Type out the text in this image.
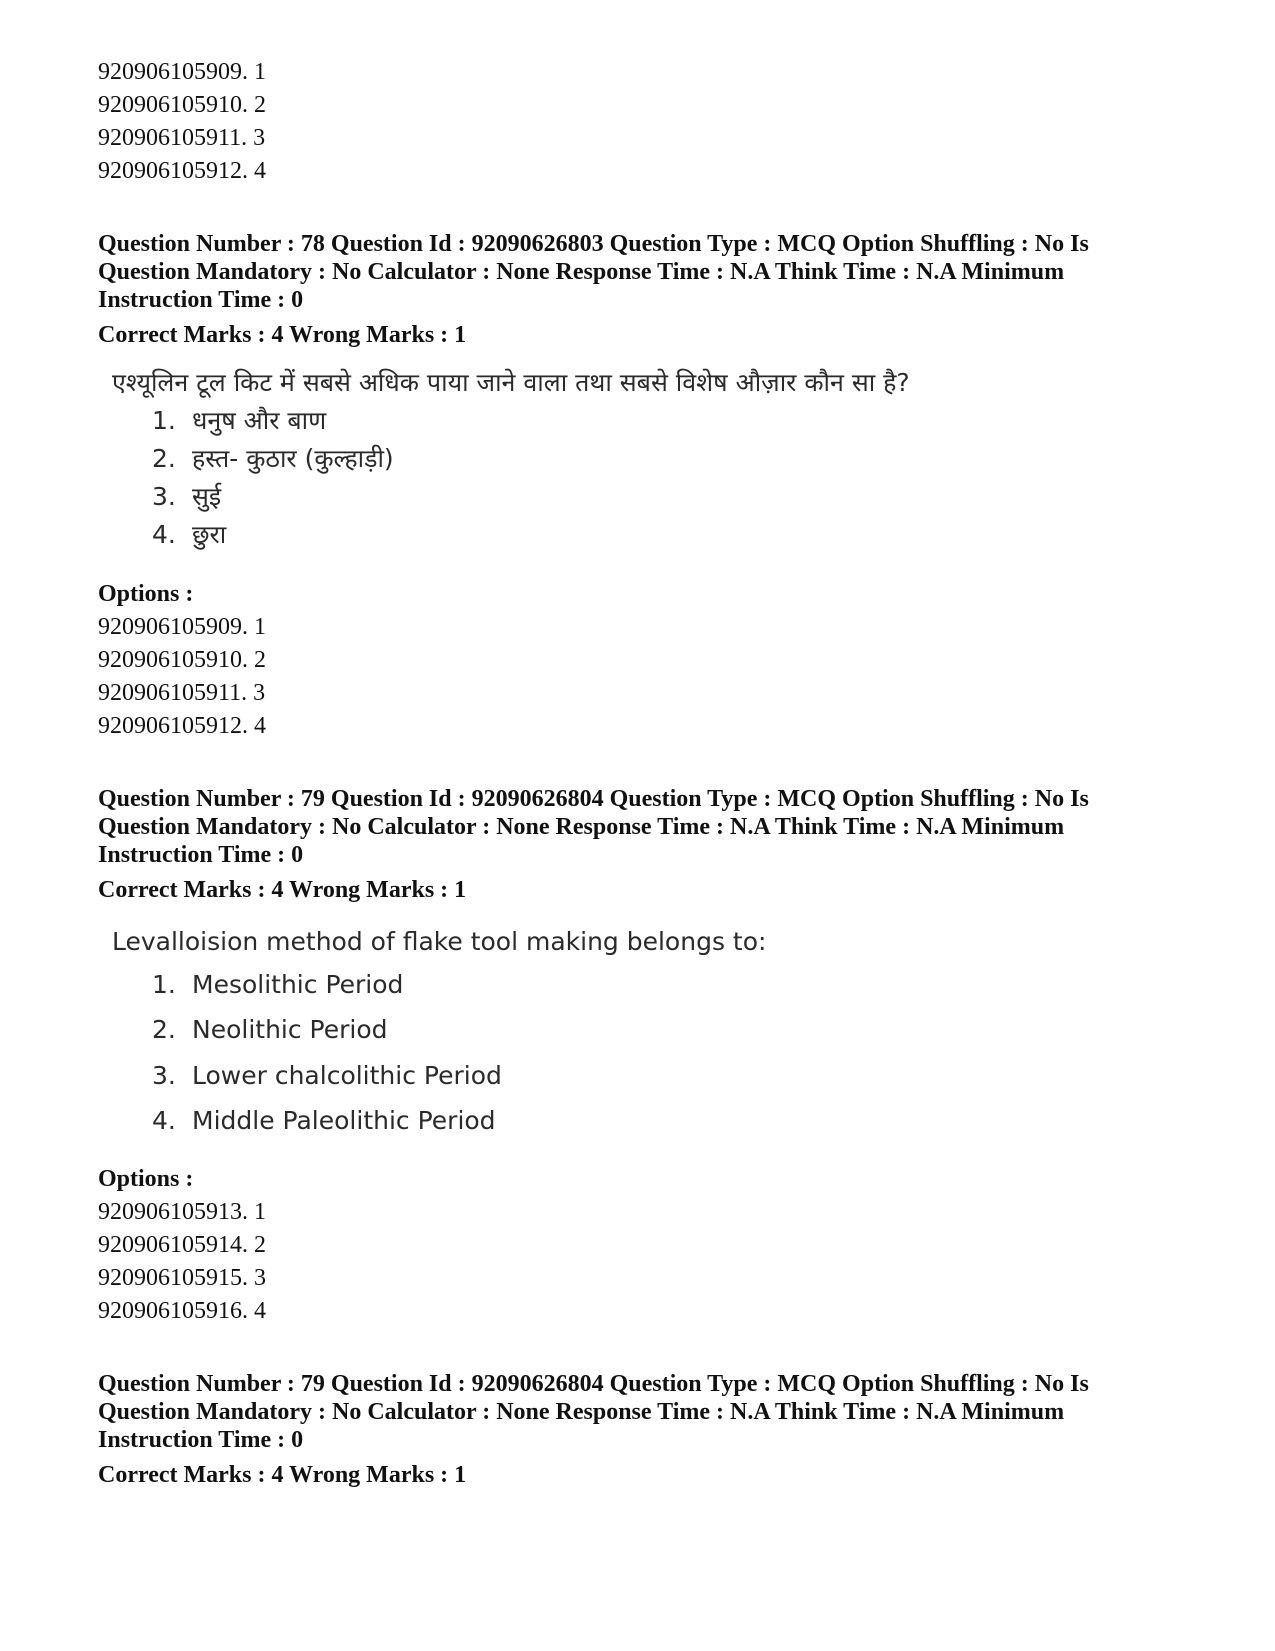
920906105909. 1
920906105910. 2
920906105911. 3
920906105912. 4
Question Number : 78 Question Id : 92090626803 Question Type : MCQ Option Shuffling : No Is
Question Mandatory : No Calculator : None Response Time : N.A Think Time : N.A Minimum
Instruction Time : 0
Correct Marks : 4 Wrong Marks : 1
एश्यूलिन टूल किट में सबसे अधिक पाया जाने वाला तथा सबसे विशेष औज़ार कौन सा है?
1. धनुष और बाण
2. हस्त- कुठार (कुल्हाड़ी)
3. सुई
4. छुरा
Options :
920906105909. 1
920906105910. 2
920906105911. 3
920906105912. 4
Question Number : 79 Question Id : 92090626804 Question Type : MCQ Option Shuffling : No Is
Question Mandatory : No Calculator : None Response Time : N.A Think Time : N.A Minimum
Instruction Time : 0
Correct Marks : 4 Wrong Marks : 1
Levalloision method of flake tool making belongs to:
1. Mesolithic Period
2. Neolithic Period
3. Lower chalcolithic Period
4. Middle Paleolithic Period
Options :
920906105913. 1
920906105914. 2
920906105915. 3
920906105916. 4
Question Number : 79 Question Id : 92090626804 Question Type : MCQ Option Shuffling : No Is
Question Mandatory : No Calculator : None Response Time : N.A Think Time : N.A Minimum
Instruction Time : 0
Correct Marks : 4 Wrong Marks : 1
